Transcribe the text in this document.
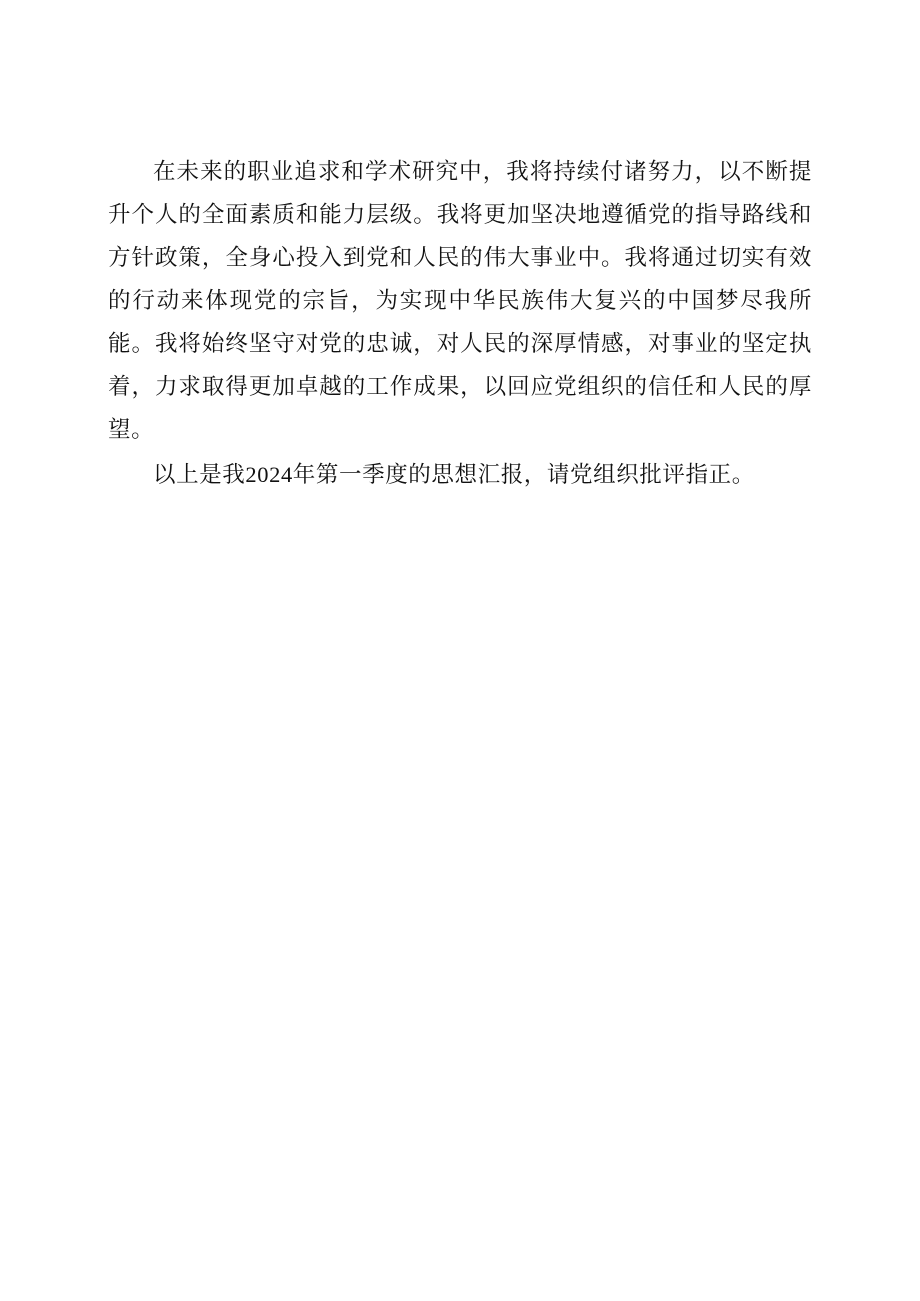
在未来的职业追求和学术研究中，我将持续付诸努力，以不断提升个人的全面素质和能力层级。我将更加坚决地遵循党的指导路线和方针政策，全身心投入到党和人民的伟大事业中。我将通过切实有效的行动来体现党的宗旨，为实现中华民族伟大复兴的中国梦尽我所能。我将始终坚守对党的忠诚，对人民的深厚情感，对事业的坚定执着，力求取得更加卓越的工作成果，以回应党组织的信任和人民的厚望。

以上是我2024年第一季度的思想汇报，请党组织批评指正。
